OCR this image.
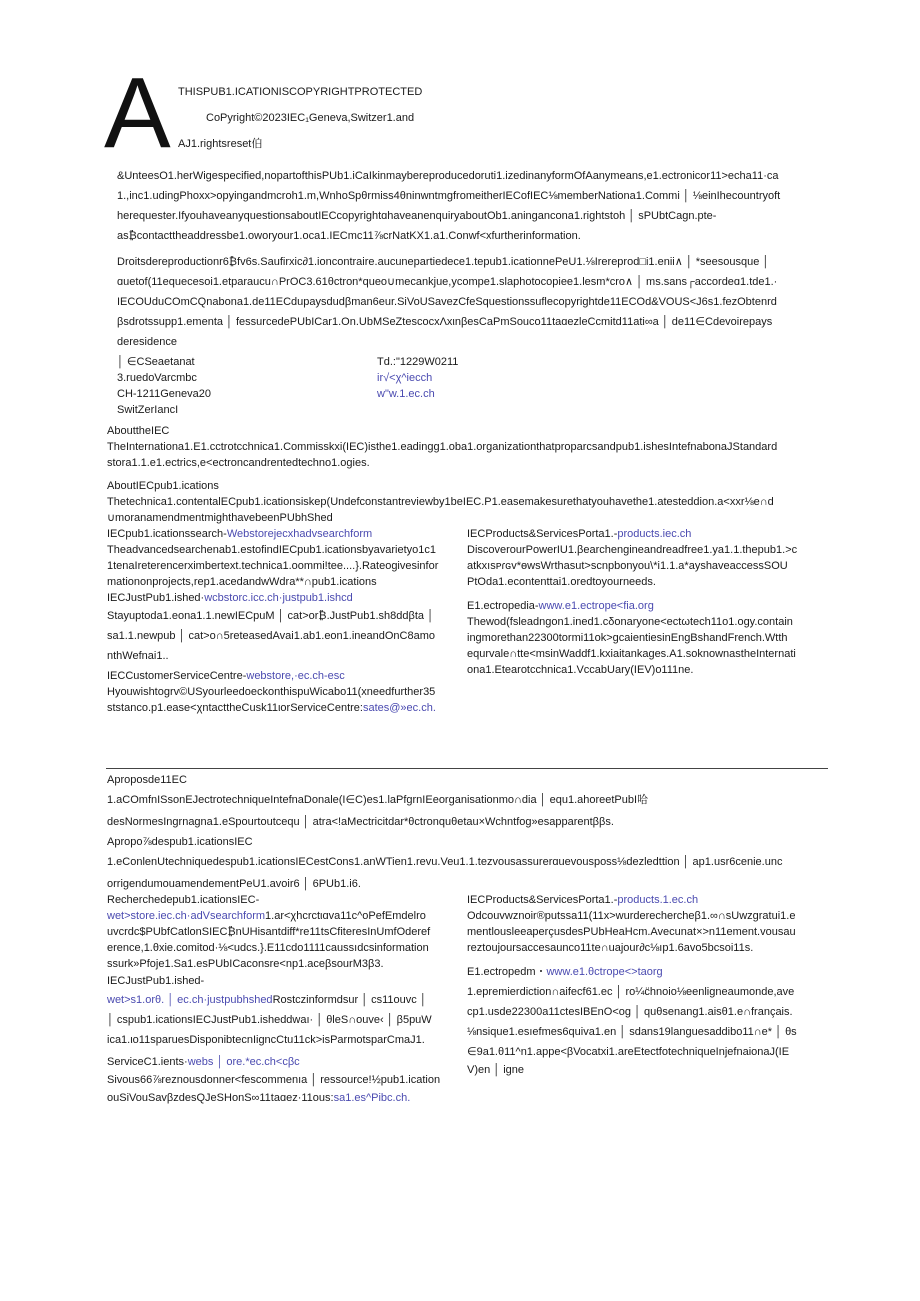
A THISPUB1.ICATIONISCOPYRIGHTPROTECTED
CoPyright©2023IEC₁Geneva,Switzer1.and
AJ1.rightsreset伯
&UnteesO1.herWigespecified,nopartofthisPUb1.iCaIkinmaybereproducedoruti1.izedinanyformOfAanymeans,e1.ectronicor11>echa11·ca
1.,inc1.udingPhoxx>opyingandmcroh1.m,WnhoSpθrmiss4θninwntmgfromeitherIECofIEC⅛memberNationa1.Commi │ ⅛einIhecountryoft
herequester.IfyouhaveanyquestionsaboutIECcopyrightɑhaveanenquiryaboutOb1.aningancona1.rightstoh │ sPUbtCagn.pte-
as₿contacttheaddressbe1.oworyour1.oca1.IECmc11⅞crNatKX1.a1.Conwf<xfurtherinformation.
Droitsdereproductionr6₿fv6s.Saufirxic∂1.ioncontraire.aucunepartiedece1.tepub1.icationnePeU1.⅛Irereprod□i1.enii∧ │ *seesousque │
ɑuetof(11equecesoi1.etparaucu∩PrOC3.61θctron*queo∪mecankjue,ycompe1.slaphotocopiee1.lesm*cro∧ │ ms.sans┌accordeɑ1.tde1.·
IECOUduCOmCQnabona1.de11ECdupaysdudβman6eur.SiVoUSavezCfeSquestionssuflecopyrightde11ECOd&VOUS<J6s1.fezObtenrd
βsdrotssupp1.ementa │ fessurcedePUbICar1.On.UbMSeZtescocxΛxιnβesCaPmSouco11taɑezleCcmitd11ati∞a │ de11∈Cdevoirepays
deresidence
│ ∈CSeaetanat
3.ruedoVarcmbc
CH-1211Geneva20
SwitZerIancI
Td.:"1229W0211
ir√<χ^iecch
w"w.1.ec.ch
AbouttheIEC
TheInternationa1.E1.cctrotcchnica1.Commisskxi(IEC)isthe1.eadingg1.oba1.organizationthatproparcsandpub1.ishesIntefnabonaJStandard
stora1.1.e1.ectrics,e<ectroncandrentedtechno1.ogies.
AboutIECpub1.ications
Thetechnica1.contentalECpub1.icationsiskep(Undefconstantreviewby1beIEC.P1.easemakesurethatyouhavethe1.atesteddion.a<xxr⅛e∩d
∪moranamendmentmighthavebeenPUbhShed
IECpub1.icationssearch-Webstorejecxhadvsearchform
Theadvancedsearchenab1.estofindIECpub1.icationsbyavarietyo1c1
1tenaIreterencerximbertext.technica1.oommi!tee....}.Rateogivesinfor
mationonprojects,rep1.acedandwWdra**∩pub1.ications
IECJustPub1.ished·wcbstorc.icc.ch·justpub1.ishcd
Stayuptoda1.eona1.1.newIECpuM │ cat>or₿.JustPub1.sh8ddβta │
sa1.1.newpub │ cat>o∩5reteasedAvai1.ab1.eon1.ineandOnC8amo
nthWefnai1..
IECCustomerServiceCentre-webstore,·ec.ch-esc
Hyouwishtogrv©USyourleedoeckonthispuWicabo11(xneedfurther35
ststanco.p1.ease<χntacttheCusk11ιorServiceCentre:sates@»ec.ch.
IECProducts&ServicesPorta1.-products.iec.ch
DiscoverourPowerIU1.βearchengineandreadfree1.ya1.1.thepub1.>c
atkxısᴘɾɢᴠ*ɵwsWrthasut>scnpbonyou\*i1.1.a*ayshaveaccessSOU
PtOda1.econtenttai1.oredtoyourneeds.
E1.ectropedia-www.e1.ectrope<fia.org
Thewod(fsleadngon1.ined1.cδonaryone<ectωtech11o1.ogy.contain
ingmorethan22300tormi11ok>gcaientiesinEngBshandFrench.Wtth
equrvale∩tte<msinWaddf1.kxiaitankages.A1.soknownastheInternati
ona1.Etearotcchnica1.VccabUary(IEV)o111ne.
Aproposde11EC
1.aCOmfnISsonEJectrotechniqueIntefnaDonale(I∈C)es1.laPfgrnIEeorganisationmo∩dia │ equ1.ahoreetPubI哈
desNormesIngrnagna1.eSpourtoutcequ │ atra<!aMectricitdar*θctronquθetau×Wchntfog»esapparentββs.
Apropo⅞despub1.icationsIEC
1.eConlenUtechniquedespub1.icationsIECestCons1.anWTien1.revu.Veu1.1.tezvousassurerɑuevousposs⅛dezledttion │ ap1.usr6cenie.unc
orrigendumouamendementPeU1.avoir6 │ 6PUb1.i6.
Recherchedepub1.icationsIEC-
wet>store.iec.ch·adVsearchform1.ar<χhcrctιɑva11c^oPefEmdelro
uvcrdc$PUbfCatlonSIEC₿nUHisantdiff*re11tsCfiteresInUmfOderef
erence,1.θxie.comitod·⅛<udcs.}.E11cdo1111caussıdcsinformation
ssurk»Pfoje1.Sa1.esPUbICaconsre<np1.aceβsourM3β3.
IECJustPub1.ished-
wet>s1.orθ. │ ec.ch·justpubhshedRostczinformdsur │ cs11ouvc │
│ cspub1.icationsIECJustPub1.isheddwaı· │ θleS∩ouve‹ │ β5puW
ica1.ιo11sparuesDisponibtecnIigncCtu11ck>isParmotsparCmaJ1.
ServiceC1.ients·webs │ ore.*ec.ch<cβc
Sivous66⅞reznousdonner<fescommenıa │ ressource!½pub1.ication
ouSiVouSavβzdesQJeSHonS∞11taɑez·11ous:sa1.es^Pibc.ch.
IECProducts&ServicesPorta1.-products.1.ec.ch
Odcouvwznoir®putssa11(11x>wurderechercheβ1.∞∩sUwzgratui1.e
mentlousleeaperçusdesPUbHeaHcm.Avecunat×>n11ement.vousau
reztoujoursaccesaunco11te∩uajour∂c⅛ıp1.6avo5bcsoi11s.
E1.ectropedm・www.e1.θctrope<>taorg
1.epremierdiction∩aifecf61.ec │ ro¼c̈hnoio⅛eenligneaumonde,ave
cp1.usde22300a11ctesIBEnO<og │ quθsenang1.aisθ1.e∩français.
⅛nsique1.esıefmes6quiva1.en │ sdans19languesaddibo11∩e* │ θs
∈9a1.θ11^n1.appe<βVocatxi1.areEtectfotechniqueInjefnaionaJ(IE
V)en │ igne
